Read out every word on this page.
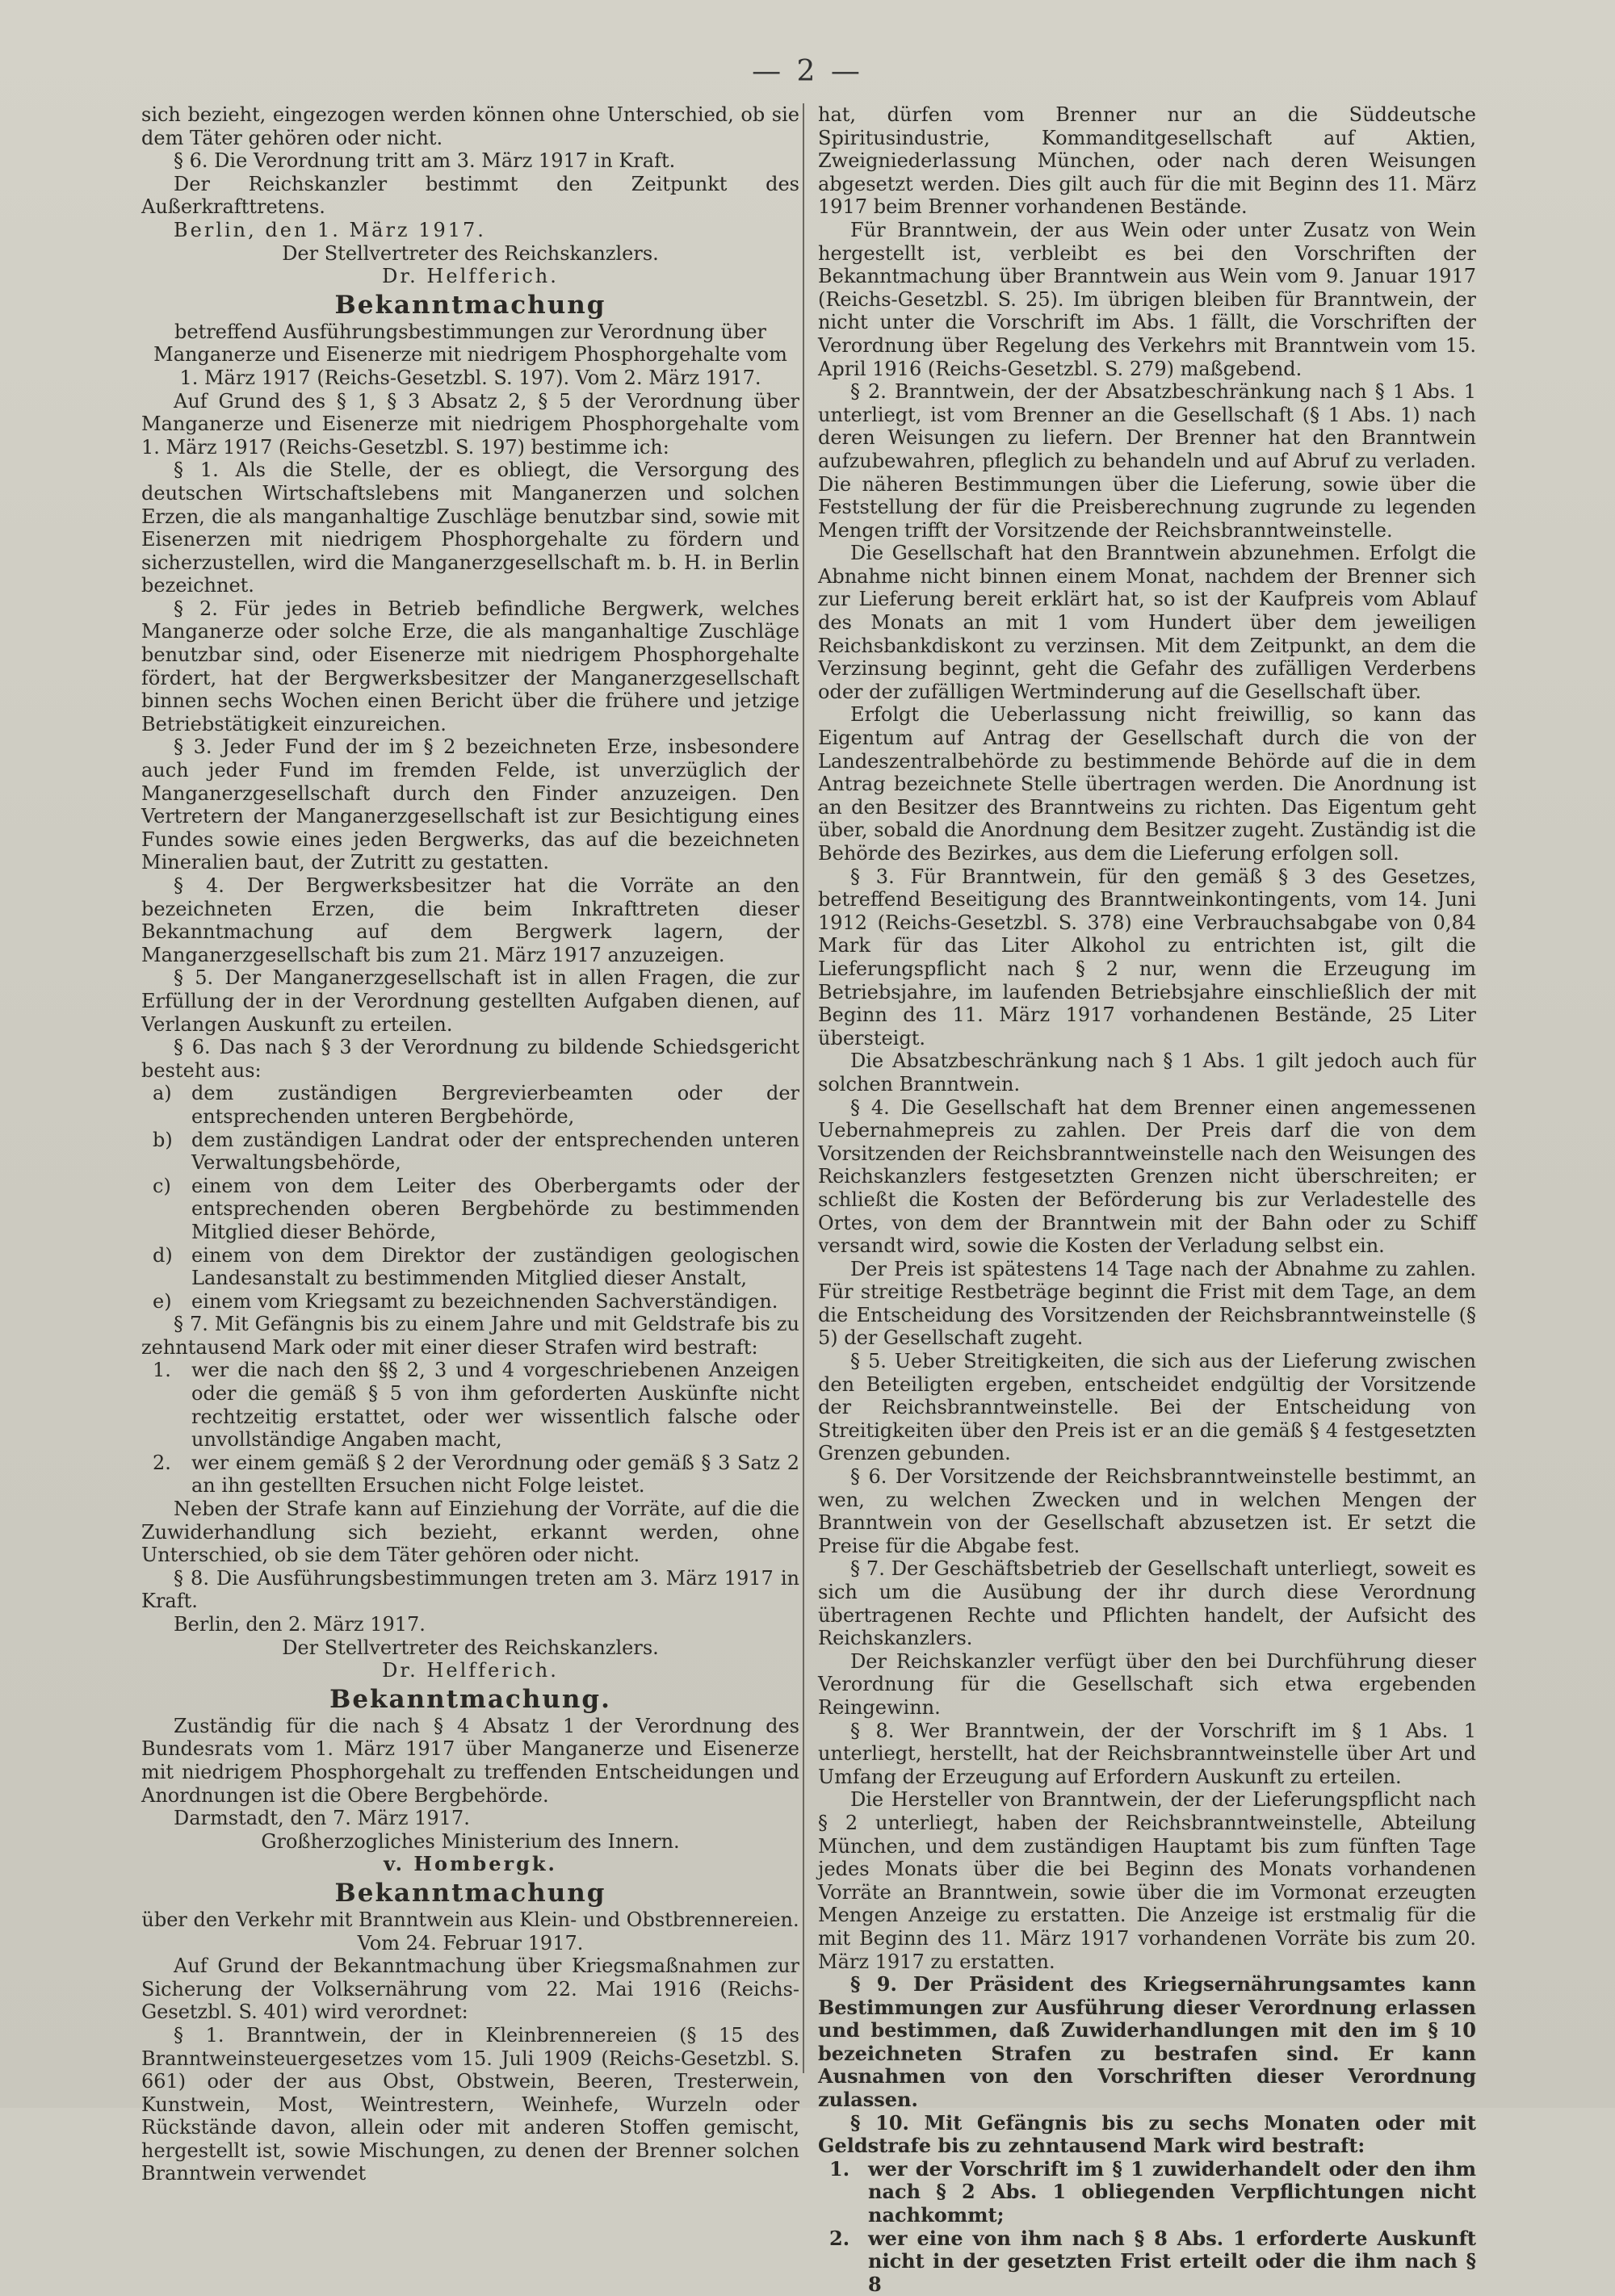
— 2 —

sich bezieht, eingezogen werden können ohne Unterschied, ob sie dem Täter gehören oder nicht.

§ 6. Die Verordnung tritt am 3. März 1917 in Kraft.

Der Reichskanzler bestimmt den Zeitpunkt des Außerkrafttretens.

Berlin, den 1. März 1917.

Der Stellvertreter des Reichskanzlers.
Dr. Helfferich.
Bekanntmachung

betreffend Ausführungsbestimmungen zur Verordnung über Manganerze und Eisenerze mit niedrigem Phosphorgehalte vom 1. März 1917 (Reichs-Gesetzbl. S. 197). Vom 2. März 1917.

Auf Grund des § 1, § 3 Absatz 2, § 5 der Verordnung über Manganerze und Eisenerze mit niedrigem Phosphorgehalte vom 1. März 1917 (Reichs-Gesetzbl. S. 197) bestimme ich:

§ 1. Als die Stelle, der es obliegt, die Versorgung des deutschen Wirtschaftslebens mit Manganerzen und solchen Erzen, die als manganhaltige Zuschläge benutzbar sind, sowie mit Eisenerzen mit niedrigem Phosphorgehalte zu fördern und sicherzustellen, wird die Manganerzgesellschaft m. b. H. in Berlin bezeichnet.

§ 2. Für jedes in Betrieb befindliche Bergwerk, welches Manganerze oder solche Erze, die als manganhaltige Zuschläge benutzbar sind, oder Eisenerze mit niedrigem Phosphorgehalte fördert, hat der Bergwerksbesitzer der Manganerzgesellschaft binnen sechs Wochen einen Bericht über die frühere und jetzige Betriebstätigkeit einzureichen.

§ 3. Jeder Fund der im § 2 bezeichneten Erze, insbesondere auch jeder Fund im fremden Felde, ist unverzüglich der Manganerzgesellschaft durch den Finder anzuzeigen. Den Vertretern der Manganerzgesellschaft ist zur Besichtigung eines Fundes sowie eines jeden Bergwerks, das auf die bezeichneten Mineralien baut, der Zutritt zu gestatten.

§ 4. Der Bergwerksbesitzer hat die Vorräte an den bezeichneten Erzen, die beim Inkrafttreten dieser Bekanntmachung auf dem Bergwerk lagern, der Manganerzgesellschaft bis zum 21. März 1917 anzuzeigen.

§ 5. Der Manganerzgesellschaft ist in allen Fragen, die zur Erfüllung der in der Verordnung gestellten Aufgaben dienen, auf Verlangen Auskunft zu erteilen.

§ 6. Das nach § 3 der Verordnung zu bildende Schiedsgericht besteht aus:

a) dem zuständigen Bergrevierbeamten oder der entsprechenden unteren Bergbehörde,
b) dem zuständigen Landrat oder der entsprechenden unteren Verwaltungsbehörde,
c) einem von dem Leiter des Oberbergamts oder der entsprechenden oberen Bergbehörde zu bestimmenden Mitglied dieser Behörde,
d) einem von dem Direktor der zuständigen geologischen Landesanstalt zu bestimmenden Mitglied dieser Anstalt,
e) einem vom Kriegsamt zu bezeichnenden Sachverständigen.

§ 7. Mit Gefängnis bis zu einem Jahre und mit Geldstrafe bis zu zehntausend Mark oder mit einer dieser Strafen wird bestraft:

1. wer die nach den §§ 2, 3 und 4 vorgeschriebenen Anzeigen oder die gemäß § 5 von ihm geforderten Auskünfte nicht rechtzeitig erstattet, oder wer wissentlich falsche oder unvollständige Angaben macht,
2. wer einem gemäß § 2 der Verordnung oder gemäß § 3 Satz 2 an ihn gestellten Ersuchen nicht Folge leistet.

Neben der Strafe kann auf Einziehung der Vorräte, auf die die Zuwiderhandlung sich bezieht, erkannt werden, ohne Unterschied, ob sie dem Täter gehören oder nicht.

§ 8. Die Ausführungsbestimmungen treten am 3. März 1917 in Kraft.

Berlin, den 2. März 1917.

Der Stellvertreter des Reichskanzlers.
Dr. Helfferich.
Bekanntmachung.

Zuständig für die nach § 4 Absatz 1 der Verordnung des Bundesrats vom 1. März 1917 über Manganerze und Eisenerze mit niedrigem Phosphorgehalt zu treffenden Entscheidungen und Anordnungen ist die Obere Bergbehörde.

Darmstadt, den 7. März 1917.

Großherzogliches Ministerium des Innern.
v. Hombergk.
Bekanntmachung

über den Verkehr mit Branntwein aus Klein- und Obstbrennereien. Vom 24. Februar 1917.

Auf Grund der Bekanntmachung über Kriegsmaßnahmen zur Sicherung der Volksernährung vom 22. Mai 1916 (Reichs-Gesetzbl. S. 401) wird verordnet:

§ 1. Branntwein, der in Kleinbrennereien (§ 15 des Branntweinsteuergesetzes vom 15. Juli 1909 (Reichs-Gesetzbl. S. 661) oder der aus Obst, Obstwein, Beeren, Tresterwein, Kunstwein, Most, Weintrestern, Weinhefe, Wurzeln oder Rückstände davon, allein oder mit anderen Stoffen gemischt, hergestellt ist, sowie Mischungen, zu denen der Brenner solchen Branntwein verwendet

hat, dürfen vom Brenner nur an die Süddeutsche Spiritusindustrie, Kommanditgesellschaft auf Aktien, Zweigniederlassung München, oder nach deren Weisungen abgesetzt werden. Dies gilt auch für die mit Beginn des 11. März 1917 beim Brenner vorhandenen Bestände.

Für Branntwein, der aus Wein oder unter Zusatz von Wein hergestellt ist, verbleibt es bei den Vorschriften der Bekanntmachung über Branntwein aus Wein vom 9. Januar 1917 (Reichs-Gesetzbl. S. 25). Im übrigen bleiben für Branntwein, der nicht unter die Vorschrift im Abs. 1 fällt, die Vorschriften der Verordnung über Regelung des Verkehrs mit Branntwein vom 15. April 1916 (Reichs-Gesetzbl. S. 279) maßgebend.

§ 2. Branntwein, der der Absatzbeschränkung nach § 1 Abs. 1 unterliegt, ist vom Brenner an die Gesellschaft (§ 1 Abs. 1) nach deren Weisungen zu liefern. Der Brenner hat den Branntwein aufzubewahren, pfleglich zu behandeln und auf Abruf zu verladen. Die näheren Bestimmungen über die Lieferung, sowie über die Feststellung der für die Preisberechnung zugrunde zu legenden Mengen trifft der Vorsitzende der Reichsbranntweinstelle.

Die Gesellschaft hat den Branntwein abzunehmen. Erfolgt die Abnahme nicht binnen einem Monat, nachdem der Brenner sich zur Lieferung bereit erklärt hat, so ist der Kaufpreis vom Ablauf des Monats an mit 1 vom Hundert über dem jeweiligen Reichsbankdiskont zu verzinsen. Mit dem Zeitpunkt, an dem die Verzinsung beginnt, geht die Gefahr des zufälligen Verderbens oder der zufälligen Wertminderung auf die Gesellschaft über.

Erfolgt die Ueberlassung nicht freiwillig, so kann das Eigentum auf Antrag der Gesellschaft durch die von der Landeszentralbehörde zu bestimmende Behörde auf die in dem Antrag bezeichnete Stelle übertragen werden. Die Anordnung ist an den Besitzer des Branntweins zu richten. Das Eigentum geht über, sobald die Anordnung dem Besitzer zugeht. Zuständig ist die Behörde des Bezirkes, aus dem die Lieferung erfolgen soll.

§ 3. Für Branntwein, für den gemäß § 3 des Gesetzes, betreffend Beseitigung des Branntweinkontingents, vom 14. Juni 1912 (Reichs-Gesetzbl. S. 378) eine Verbrauchsabgabe von 0,84 Mark für das Liter Alkohol zu entrichten ist, gilt die Lieferungspflicht nach § 2 nur, wenn die Erzeugung im Betriebsjahre, im laufenden Betriebsjahre einschließlich der mit Beginn des 11. März 1917 vorhandenen Bestände, 25 Liter übersteigt.

Die Absatzbeschränkung nach § 1 Abs. 1 gilt jedoch auch für solchen Branntwein.

§ 4. Die Gesellschaft hat dem Brenner einen angemessenen Uebernahmepreis zu zahlen. Der Preis darf die von dem Vorsitzenden der Reichsbranntweinstelle nach den Weisungen des Reichskanzlers festgesetzten Grenzen nicht überschreiten; er schließt die Kosten der Beförderung bis zur Verladestelle des Ortes, von dem der Branntwein mit der Bahn oder zu Schiff versandt wird, sowie die Kosten der Verladung selbst ein.

Der Preis ist spätestens 14 Tage nach der Abnahme zu zahlen. Für streitige Restbeträge beginnt die Frist mit dem Tage, an dem die Entscheidung des Vorsitzenden der Reichsbranntweinstelle (§ 5) der Gesellschaft zugeht.

§ 5. Ueber Streitigkeiten, die sich aus der Lieferung zwischen den Beteiligten ergeben, entscheidet endgültig der Vorsitzende der Reichsbranntweinstelle. Bei der Entscheidung von Streitigkeiten über den Preis ist er an die gemäß § 4 festgesetzten Grenzen gebunden.

§ 6. Der Vorsitzende der Reichsbranntweinstelle bestimmt, an wen, zu welchen Zwecken und in welchen Mengen der Branntwein von der Gesellschaft abzusetzen ist. Er setzt die Preise für die Abgabe fest.

§ 7. Der Geschäftsbetrieb der Gesellschaft unterliegt, soweit es sich um die Ausübung der ihr durch diese Verordnung übertragenen Rechte und Pflichten handelt, der Aufsicht des Reichskanzlers.

Der Reichskanzler verfügt über den bei Durchführung dieser Verordnung für die Gesellschaft sich etwa ergebenden Reingewinn.

§ 8. Wer Branntwein, der der Vorschrift im § 1 Abs. 1 unterliegt, herstellt, hat der Reichsbranntweinstelle über Art und Umfang der Erzeugung auf Erfordern Auskunft zu erteilen.

Die Hersteller von Branntwein, der der Lieferungspflicht nach § 2 unterliegt, haben der Reichsbranntweinstelle, Abteilung München, und dem zuständigen Hauptamt bis zum fünften Tage jedes Monats über die bei Beginn des Monats vorhandenen Vorräte an Branntwein, sowie über die im Vormonat erzeugten Mengen Anzeige zu erstatten. Die Anzeige ist erstmalig für die mit Beginn des 11. März 1917 vorhandenen Vorräte bis zum 20. März 1917 zu erstatten.

§ 9. Der Präsident des Kriegsernährungsamtes kann Bestimmungen zur Ausführung dieser Verordnung erlassen und bestimmen, daß Zuwiderhandlungen mit den im § 10 bezeichneten Strafen zu bestrafen sind. Er kann Ausnahmen von den Vorschriften dieser Verordnung zulassen.

§ 10. Mit Gefängnis bis zu sechs Monaten oder mit Geldstrafe bis zu zehntausend Mark wird bestraft:

1. wer der Vorschrift im § 1 zuwiderhandelt oder den ihm nach § 2 Abs. 1 obliegenden Verpflichtungen nicht nachkommt;
2. wer eine von ihm nach § 8 Abs. 1 erforderte Auskunft nicht in der gesetzten Frist erteilt oder die ihm nach § 8
